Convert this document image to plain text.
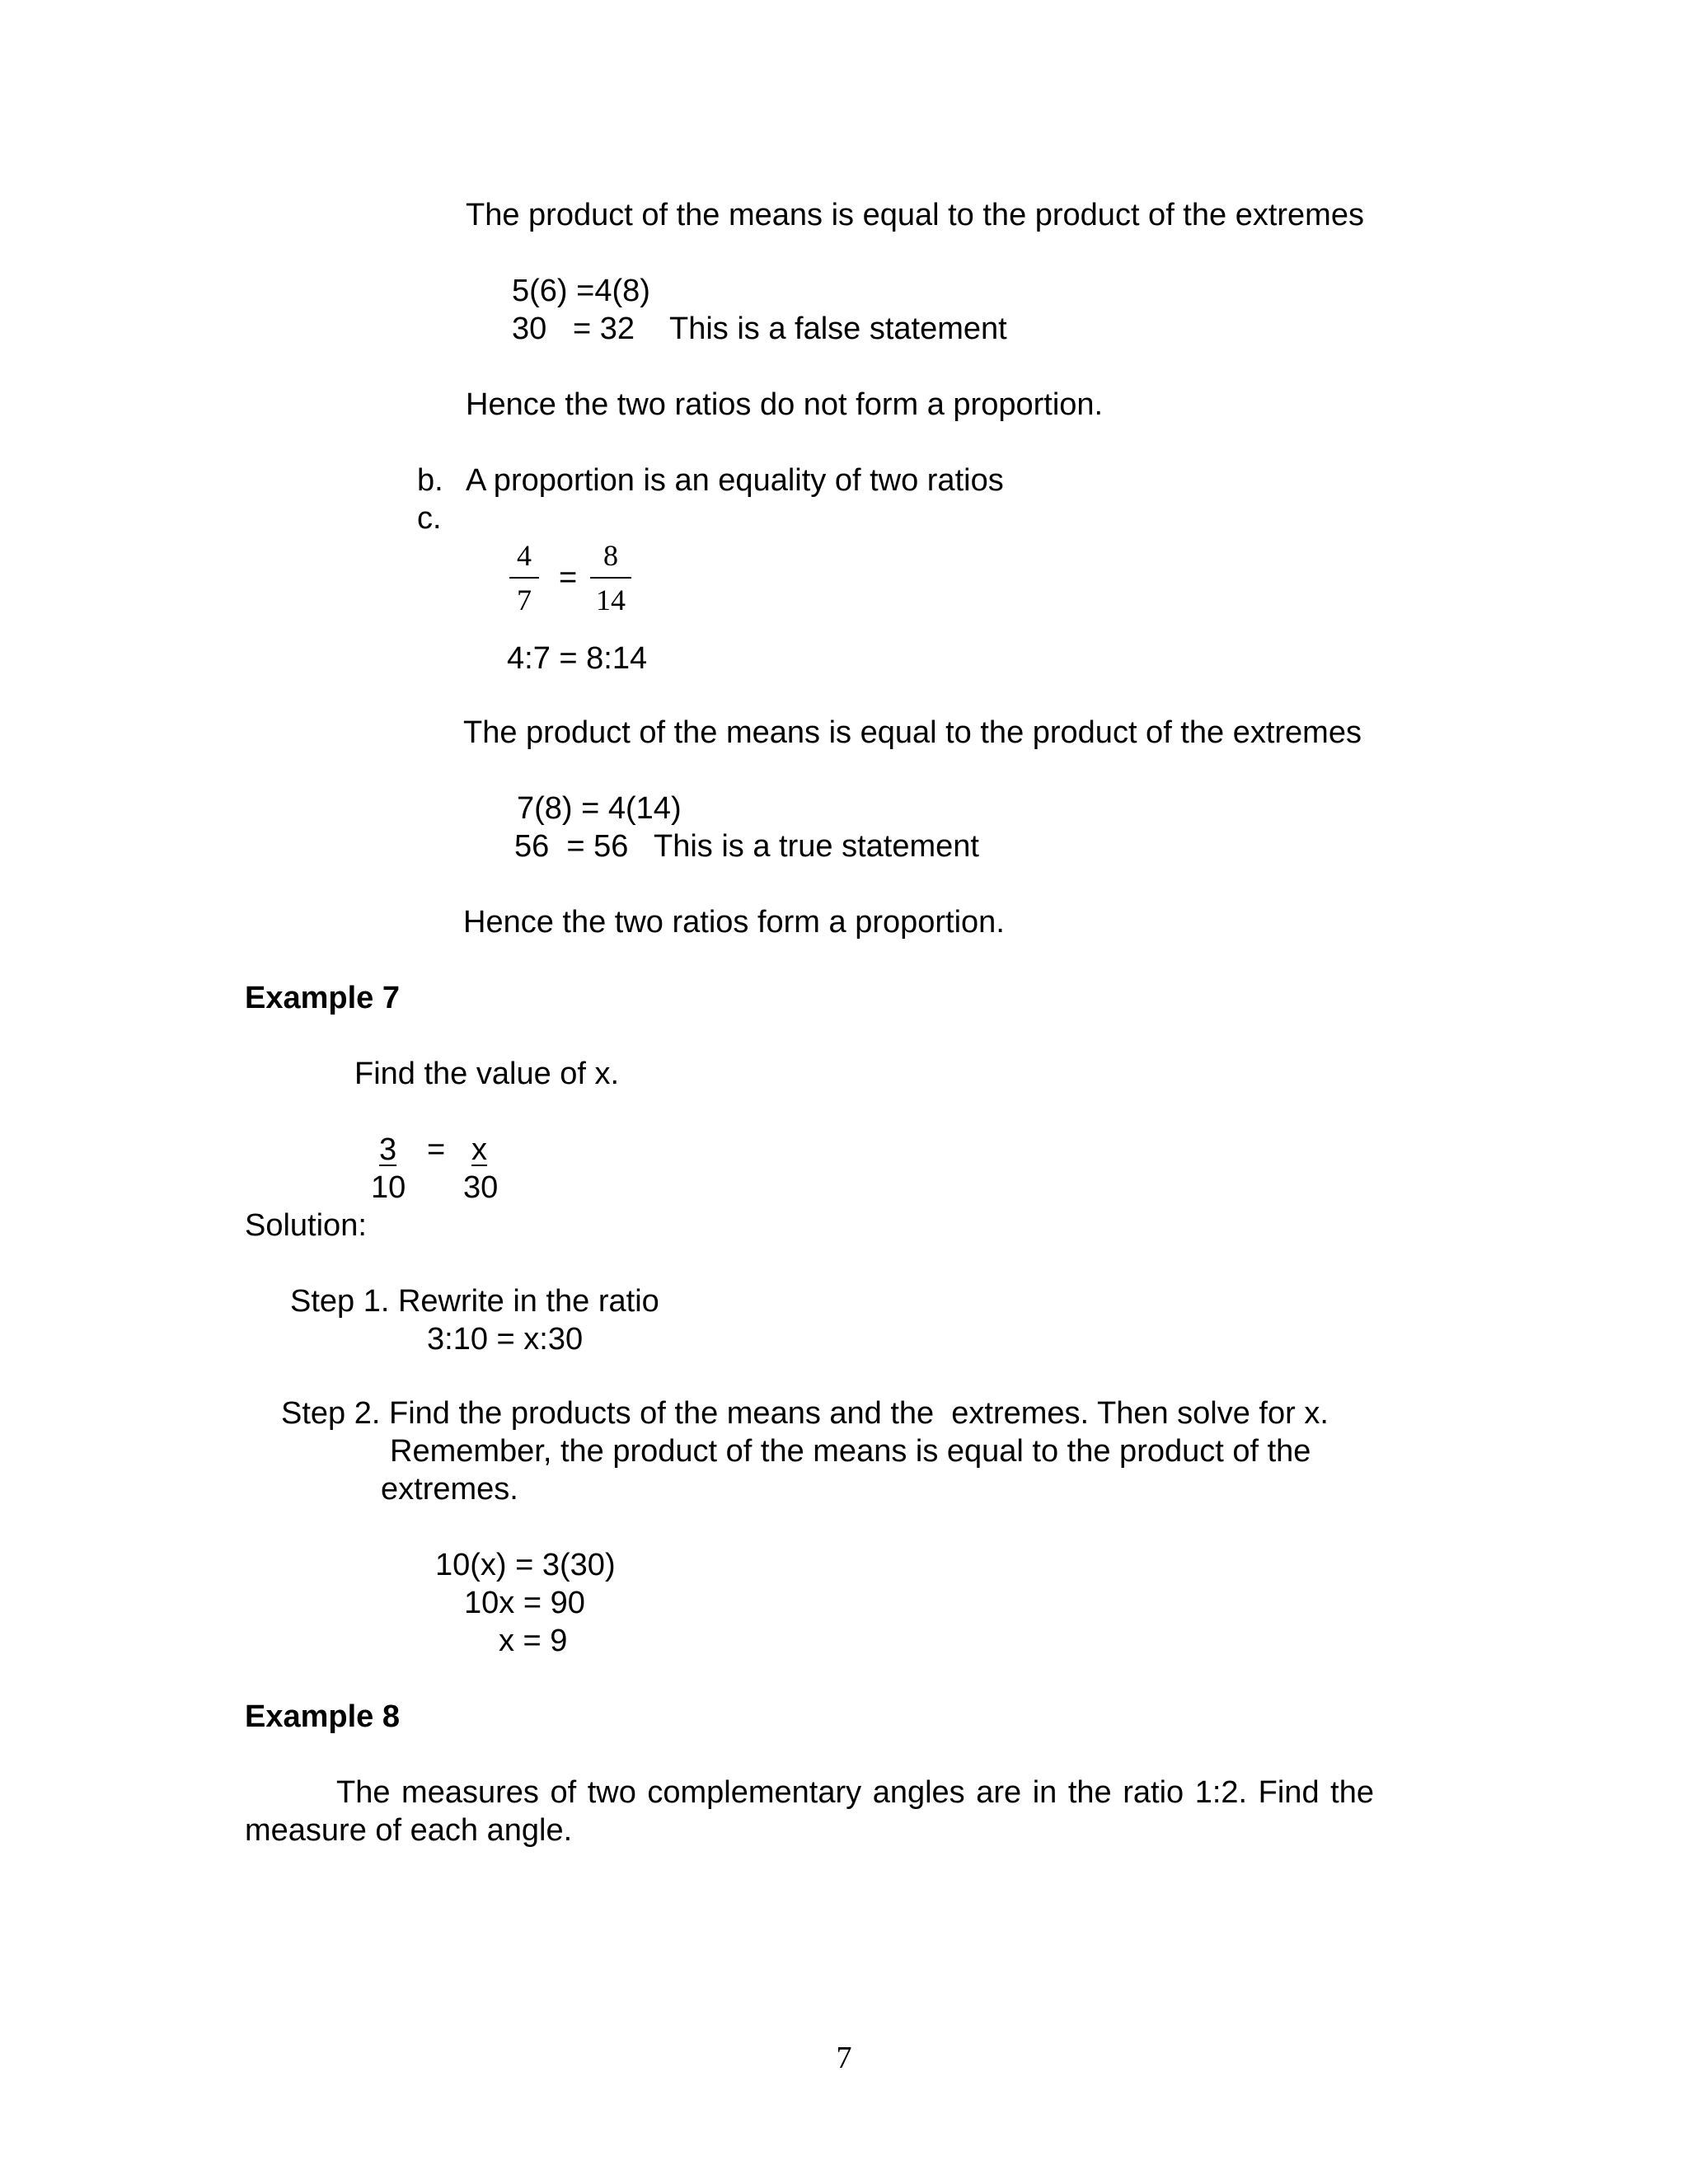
The product of the means is equal to the product of the extremes
5(6) =4(8)
30   = 32 This is a false statement
Hence the two ratios do not form a proportion.
b. A proportion is an equality of two ratios
c.
4
7
=
8
14
4:7 = 8:14
The product of the means is equal to the product of the extremes
7(8) = 4(14)
56  = 56 This is a true statement
Hence the two ratios form a proportion.
Example 7
Find the value of x.
3 = x
10 30
Solution:
Step 1. Rewrite in the ratio
3:10 = x:30
Step 2. Find the products of the means and the  extremes. Then solve for x.
Remember, the product of the means is equal to the product of the
extremes.
10(x) = 3(30)
10x = 90
x = 9
Example 8
The measures of two complementary angles are in the ratio 1:2. Find the
measure of each angle.
7
